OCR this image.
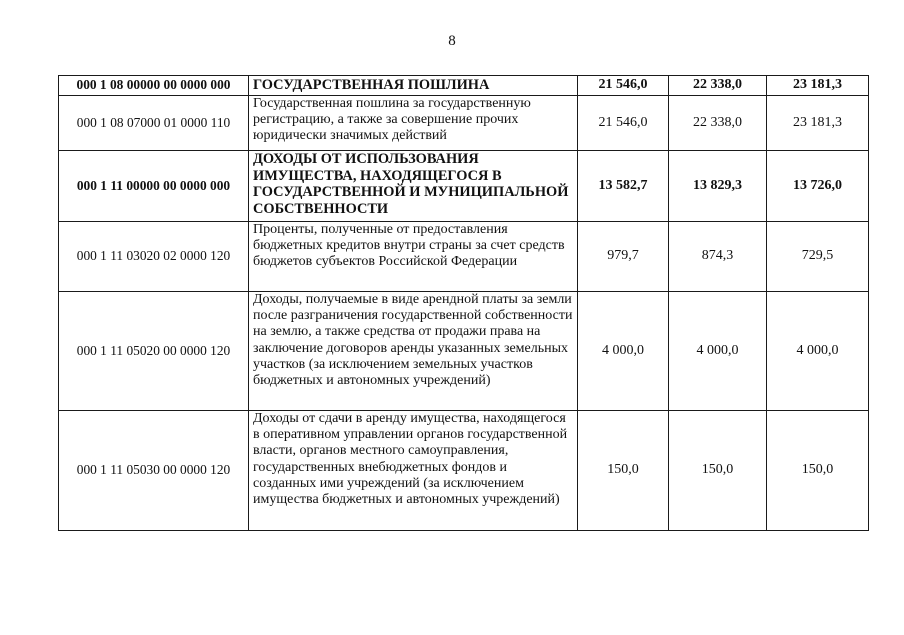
8
000 1 08 00000 00 0000 000	ГОСУДАРСТВЕННАЯ ПОШЛИНА	21 546,0	22 338,0	23 181,3
000 1 08 07000 01 0000 110	Государственная пошлина за государственную регистрацию, а также за совершение прочих юридически значимых действий	21 546,0	22 338,0	23 181,3
000 1 11 00000 00 0000 000	ДОХОДЫ ОТ ИСПОЛЬЗОВАНИЯ ИМУЩЕСТВА, НАХОДЯЩЕГОСЯ В ГОСУДАРСТВЕННОЙ И МУНИЦИПАЛЬНОЙ СОБСТВЕННОСТИ	13 582,7	13 829,3	13 726,0
000 1 11 03020 02 0000 120	Проценты, полученные от предоставления бюджетных кредитов внутри страны за счет средств бюджетов субъектов Российской Федерации	979,7	874,3	729,5
000 1 11 05020 00 0000 120	Доходы, получаемые в виде арендной платы за земли после разграничения государственной собственности на землю, а также средства от продажи права на заключение договоров аренды указанных земельных участков (за исключением земельных участков бюджетных и автономных учреждений)	4 000,0	4 000,0	4 000,0
000 1 11 05030 00 0000 120	Доходы от сдачи в аренду имущества, находящегося в оперативном управлении органов государственной власти, органов местного самоуправления, государственных внебюджетных фондов и созданных ими учреждений (за исключением имущества бюджетных и автономных учреждений)	150,0	150,0	150,0
